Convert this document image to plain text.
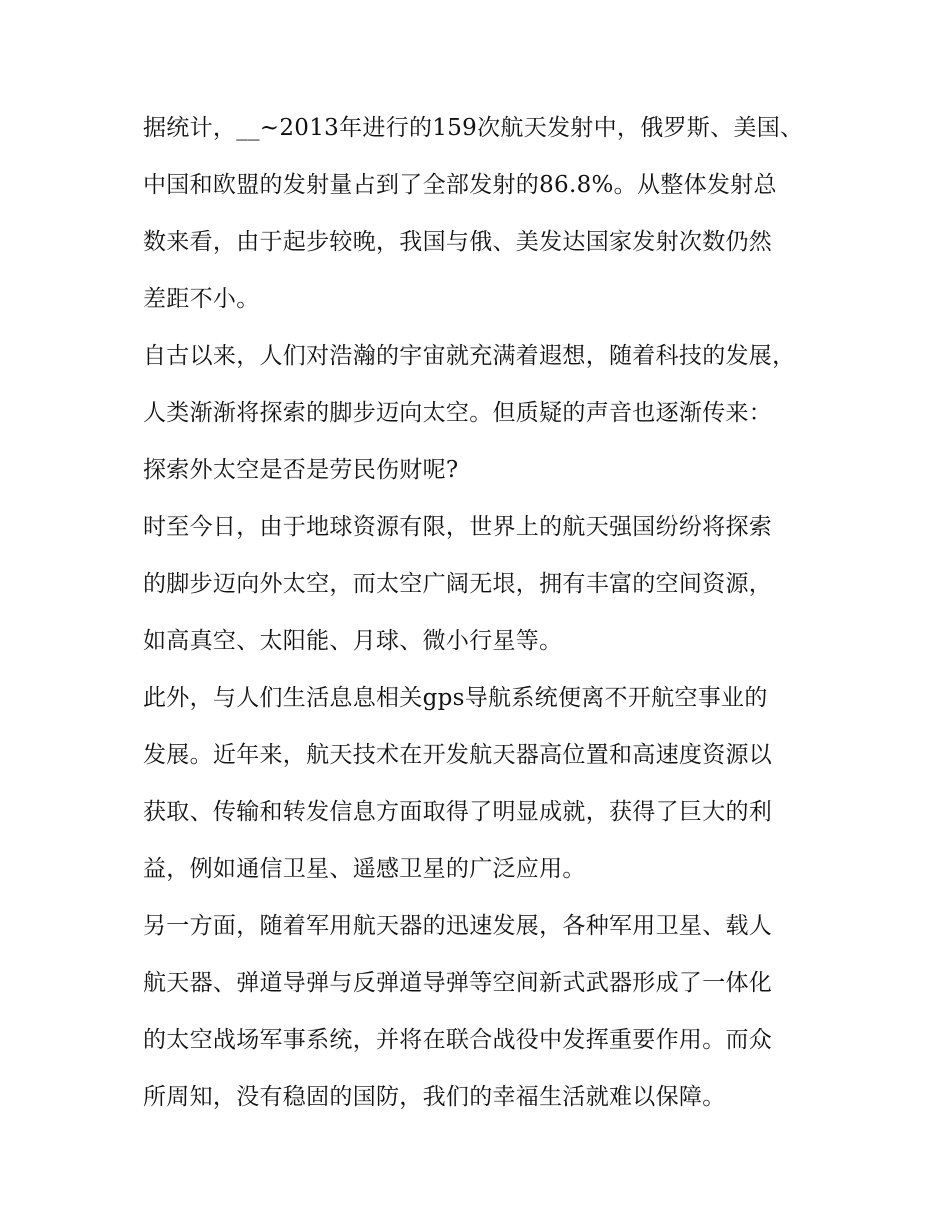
据统计，__~2013年进行的159次航天发射中，俄罗斯、美国、
中国和欧盟的发射量占到了全部发射的86.8%。从整体发射总
数来看，由于起步较晚，我国与俄、美发达国家发射次数仍然
差距不小。
自古以来，人们对浩瀚的宇宙就充满着遐想，随着科技的发展，
人类渐渐将探索的脚步迈向太空。但质疑的声音也逐渐传来：
探索外太空是否是劳民伤财呢?
时至今日，由于地球资源有限，世界上的航天强国纷纷将探索
的脚步迈向外太空，而太空广阔无垠，拥有丰富的空间资源，
如高真空、太阳能、月球、微小行星等。
此外，与人们生活息息相关gps导航系统便离不开航空事业的
发展。近年来，航天技术在开发航天器高位置和高速度资源以
获取、传输和转发信息方面取得了明显成就，获得了巨大的利
益，例如通信卫星、遥感卫星的广泛应用。
另一方面，随着军用航天器的迅速发展，各种军用卫星、载人
航天器、弹道导弹与反弹道导弹等空间新式武器形成了一体化
的太空战场军事系统，并将在联合战役中发挥重要作用。而众
所周知，没有稳固的国防，我们的幸福生活就难以保障。
